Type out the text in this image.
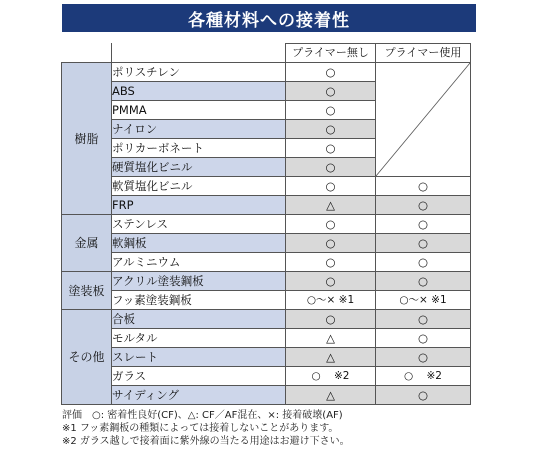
各種材料への接着性
		プライマー無し	プライマー使用
樹脂	ポリスチレン	○	

	ABS	○	
	PMMA	○	
	ナイロン	○	
	ポリカーボネート	○	
	硬質塩化ビニル	○	
	軟質塩化ビニル	○	○
	FRP	△	○
金属	ステンレス	○	○
	軟鋼板	○	○
	アルミニウム	○	○
塗装板	アクリル塗装鋼板	○	○
	フッ素塗装鋼板	○〜× ※1	○〜× ※1
その他	合板	○	○
	モルタル	△	○
	スレート	△	○
	ガラス	○    ※2	○    ※2
	サイディング	△	○
評価　○: 密着性良好(CF)、△: CF／AF混在、×: 接着破壊(AF)
※1 フッ素鋼板の種類によっては接着しないことがあります。
※2 ガラス越しで接着面に紫外線の当たる用途はお避け下さい。
